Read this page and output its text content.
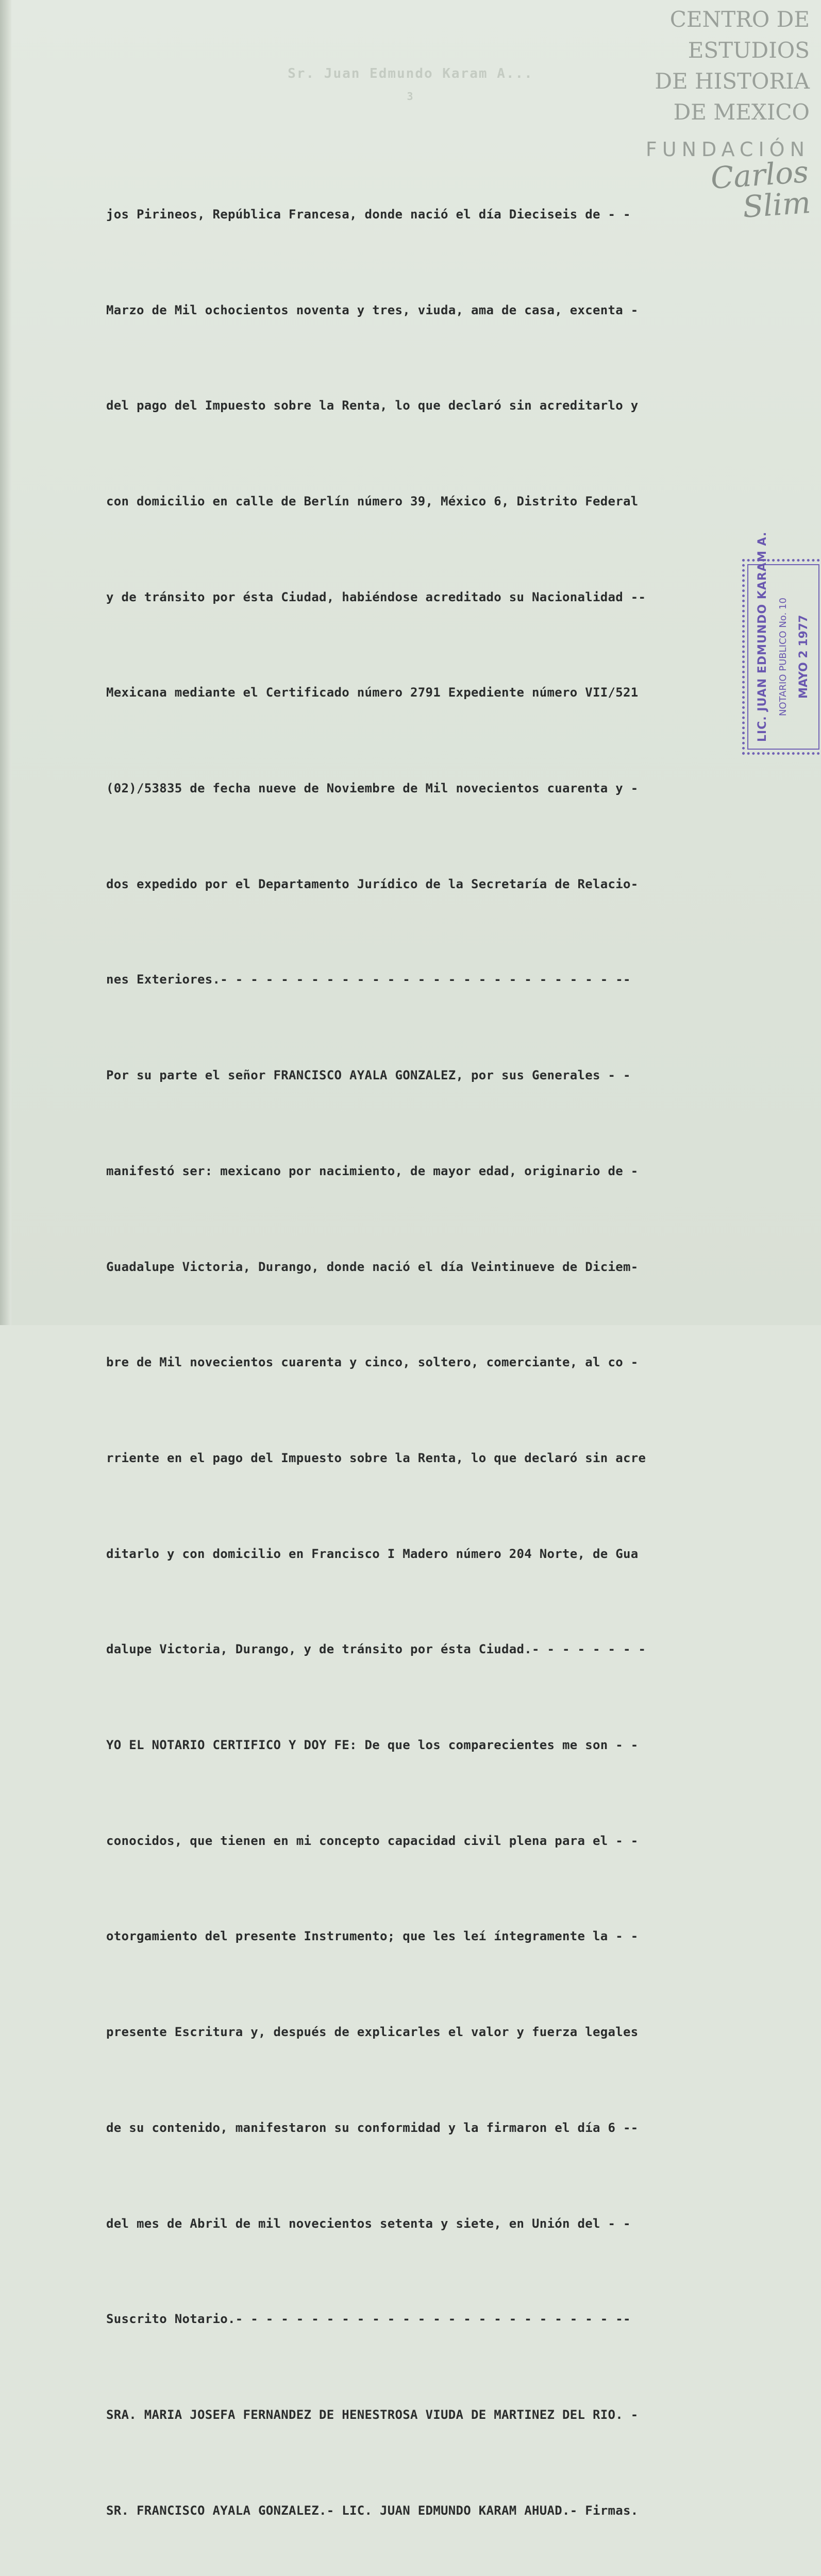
Sr. Juan Edmundo Karam A...
3
CENTRO DE
ESTUDIOS
DE HISTORIA
DE MEXICO
FUNDACIÓN
Carlos Slim

jos Pirineos, República Francesa, donde nació el día Dieciseis de - -

Marzo de Mil ochocientos noventa y tres, viuda, ama de casa, excenta -

del pago del Impuesto sobre la Renta, lo que declaró sin acreditarlo y

con domicilio en calle de Berlín número 39, México 6, Distrito Federal

y de tránsito por ésta Ciudad, habiéndose acreditado su Nacionalidad --

Mexicana mediante el Certificado número 2791 Expediente número VII/521

(02)/53835 de fecha nueve de Noviembre de Mil novecientos cuarenta y -

dos expedido por el Departamento Jurídico de la Secretaría de Relacio-

nes Exteriores.- - - - - - - - - - - - - - - - - - - - - - - - - - --

Por su parte el señor FRANCISCO AYALA GONZALEZ, por sus Generales - -

manifestó ser: mexicano por nacimiento, de mayor edad, originario de -

Guadalupe Victoria, Durango, donde nació el día Veintinueve de Diciem-

bre de Mil novecientos cuarenta y cinco, soltero, comerciante, al co -

rriente en el pago del Impuesto sobre la Renta, lo que declaró sin acre

ditarlo y con domicilio en Francisco I Madero número 204 Norte, de Gua

dalupe Victoria, Durango, y de tránsito por ésta Ciudad.- - - - - - - -

YO EL NOTARIO CERTIFICO Y DOY FE: De que los comparecientes me son - -

conocidos, que tienen en mi concepto capacidad civil plena para el - -

otorgamiento del presente Instrumento; que les leí íntegramente la - -

presente Escritura y, después de explicarles el valor y fuerza legales

de su contenido, manifestaron su conformidad y la firmaron el día 6 --

del mes de Abril de mil novecientos setenta y siete, en Unión del - -

Suscrito Notario.- - - - - - - - - - - - - - - - - - - - - - - - - --

SRA. MARIA JOSEFA FERNANDEZ DE HENESTROSA VIUDA DE MARTINEZ DEL RIO. -

SR. FRANCISCO AYALA GONZALEZ.- LIC. JUAN EDMUNDO KARAM AHUAD.- Firmas.

LIC. JUAN EDMUNDO KARAM A. NOTARIO PUBLICO No. 10 MAYO 2 1977
